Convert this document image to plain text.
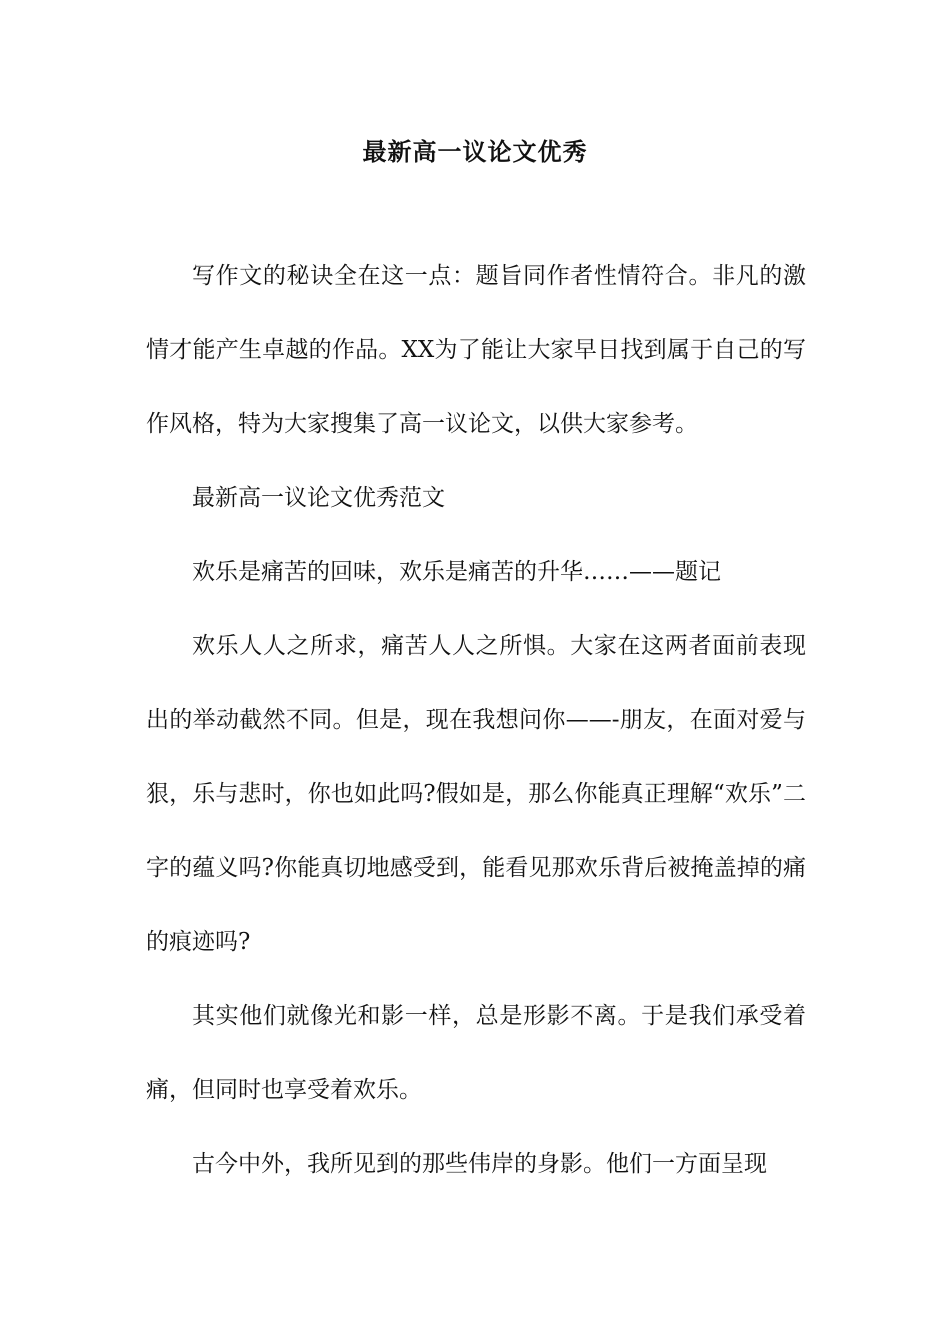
最新高一议论文优秀

写作文的秘诀全在这一点：题旨同作者性情符合。非凡的激情才能产生卓越的作品。XX为了能让大家早日找到属于自己的写作风格，特为大家搜集了高一议论文，以供大家参考。

最新高一议论文优秀范文

欢乐是痛苦的回味，欢乐是痛苦的升华……——题记

欢乐人人之所求，痛苦人人之所惧。大家在这两者面前表现出的举动截然不同。但是，现在我想问你——-朋友，在面对爱与狠，乐与悲时，你也如此吗?假如是，那么你能真正理解“欢乐”二字的蕴义吗?你能真切地感受到，能看见那欢乐背后被掩盖掉的痛的痕迹吗?

其实他们就像光和影一样，总是形影不离。于是我们承受着痛，但同时也享受着欢乐。

古今中外，我所见到的那些伟岸的身影。他们一方面呈现
